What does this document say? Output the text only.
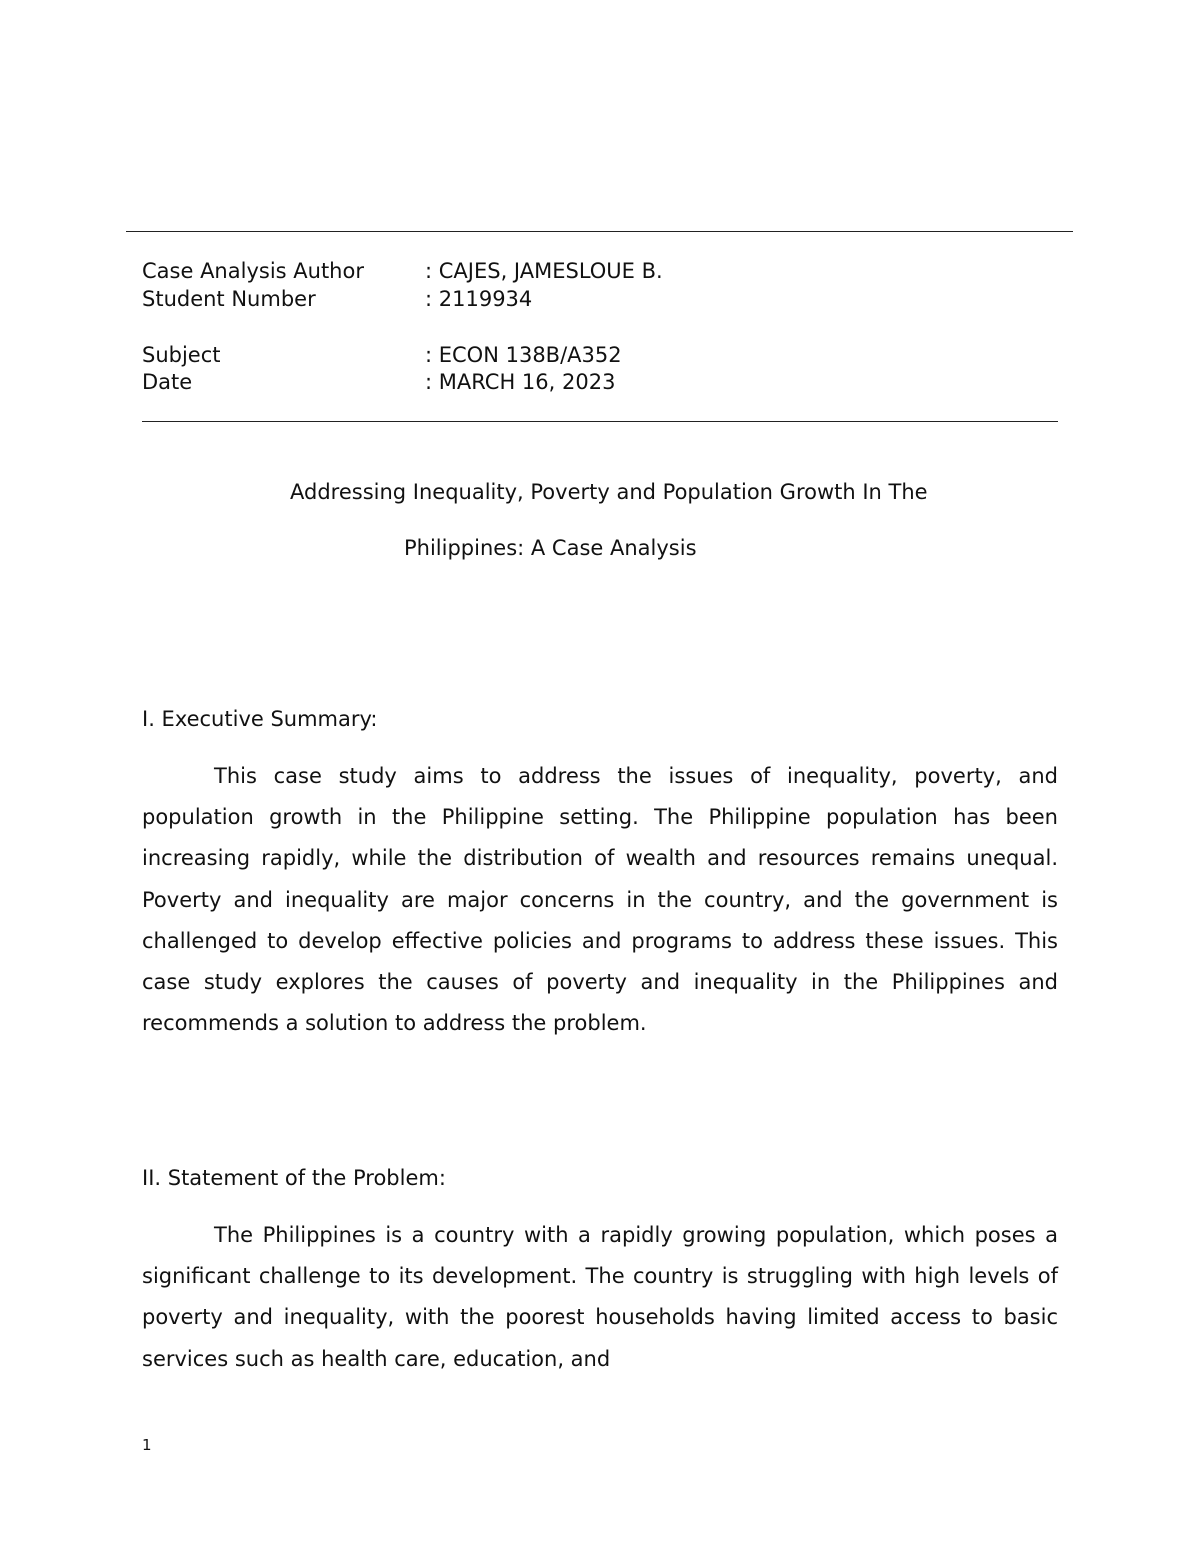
Case Analysis Author	: CAJES, JAMESLOUE B.
Student Number	: 2119934
Subject	: ECON 138B/A352
Date	: MARCH 16, 2023
Addressing Inequality, Poverty and Population Growth In The
Philippines: A Case Analysis
I. Executive Summary:

This case study aims to address the issues of inequality, poverty, and population growth in the Philippine setting. The Philippine population has been increasing rapidly, while the distribution of wealth and resources remains unequal. Poverty and inequality are major concerns in the country, and the government is challenged to develop effective policies and programs to address these issues. This case study explores the causes of poverty and inequality in the Philippines and recommends a solution to address the problem.

II. Statement of the Problem:

The Philippines is a country with a rapidly growing population, which poses a significant challenge to its development. The country is struggling with high levels of poverty and inequality, with the poorest households having limited access to basic services such as health care, education, and

1
